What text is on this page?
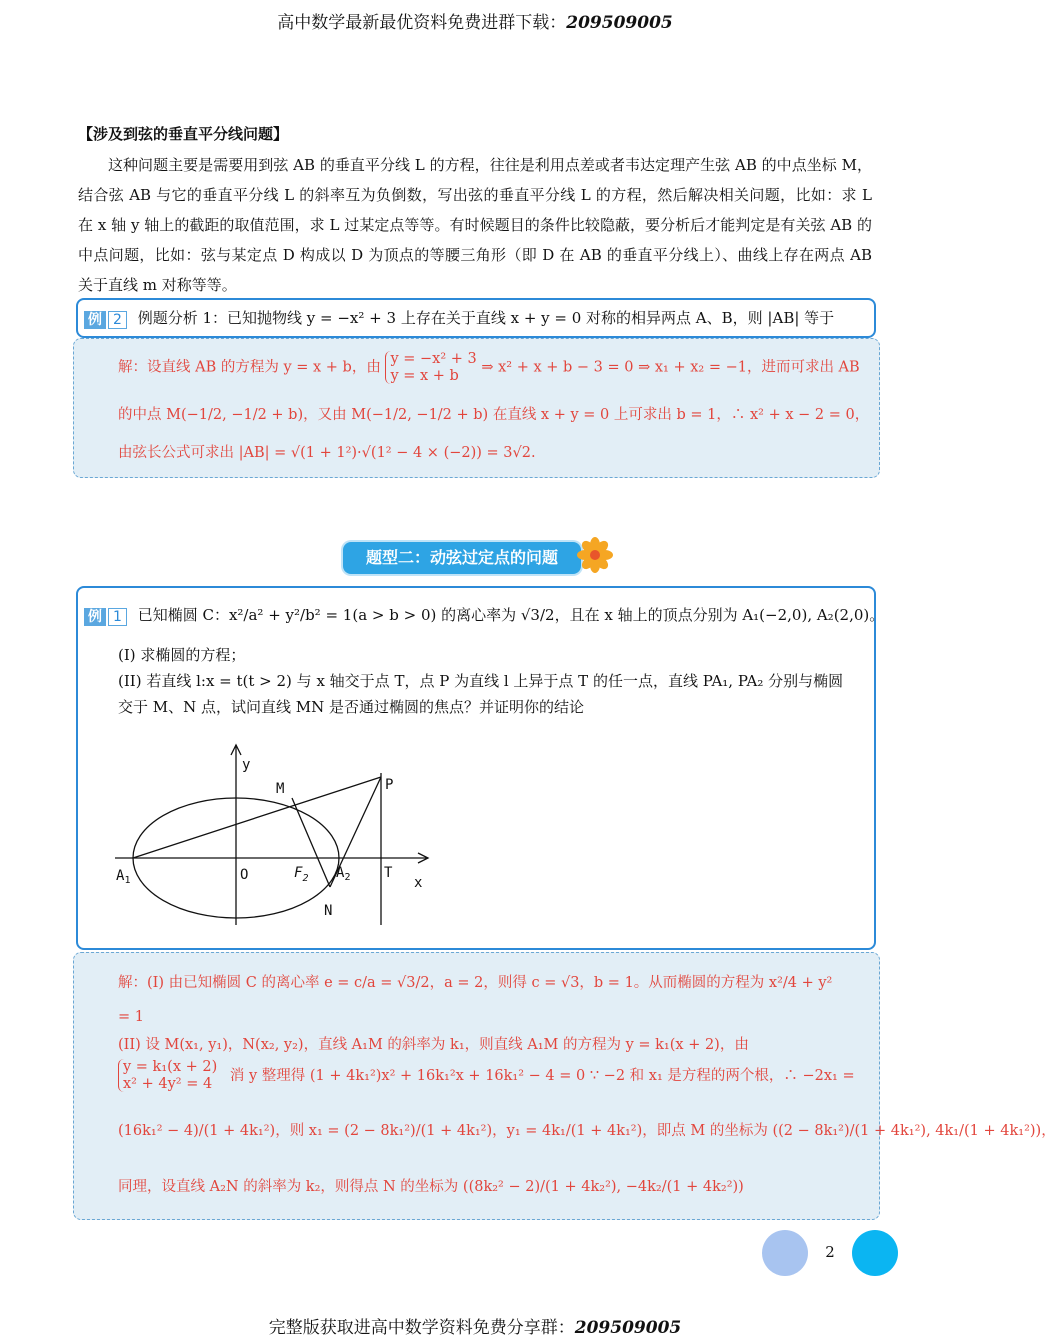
高中数学最新最优资料免费进群下载：209509005
【涉及到弦的垂直平分线问题】
这种问题主要是需要用到弦 AB 的垂直平分线 L 的方程，往往是利用点差或者韦达定理产生弦 AB 的中点坐标 M，结合弦 AB 与它的垂直平分线 L 的斜率互为负倒数，写出弦的垂直平分线 L 的方程，然后解决相关问题，比如：求 L 在 x 轴 y 轴上的截距的取值范围，求 L 过某定点等等。有时候题目的条件比较隐蔽，要分析后才能判定是有关弦 AB 的中点问题，比如：弦与某定点 D 构成以 D 为顶点的等腰三角形（即 D 在 AB 的垂直平分线上）、曲线上存在两点 AB 关于直线 m 对称等等。
例 2 例题分析 1：已知抛物线 y = −x² + 3 上存在关于直线 x + y = 0 对称的相异两点 A、B，则 |AB| 等于
解：设直线 AB 的方程为 y = x + b，由 y = −x² + 3
y = x + b ⇒ x² + x + b − 3 = 0 ⇒ x₁ + x₂ = −1，进而可求出 AB
的中点 M(−1/2, −1/2 + b)，又由 M(−1/2, −1/2 + b) 在直线 x + y = 0 上可求出 b = 1，∴ x² + x − 2 = 0，
由弦长公式可求出 |AB| = √(1 + 1²)·√(1² − 4 × (−2)) = 3√2.
题型二：动弦过定点的问题
例 1 已知椭圆 C：x²/a² + y²/b² = 1(a > b > 0) 的离心率为 √3/2，且在 x 轴上的顶点分别为 A₁(−2,0), A₂(2,0)。
(I) 求椭圆的方程；
(II) 若直线 l:x = t(t > 2) 与 x 轴交于点 T，点 P 为直线 l 上异于点 T 的任一点，直线 PA₁, PA₂ 分别与椭圆
交于 M、N 点，试问直线 MN 是否通过椭圆的焦点？并证明你的结论
y
x
M	P
$A_1$	O	$F_2$ $A_2$ T
N
解：(I) 由已知椭圆 C 的离心率 e = c/a = √3/2，a = 2，则得 c = √3，b = 1。从而椭圆的方程为 x²/4 + y²
= 1
(II) 设 M(x₁, y₁)，N(x₂, y₂)，直线 A₁M 的斜率为 k₁，则直线 A₁M 的方程为 y = k₁(x + 2)，由
y = k₁(x + 2)
x² + 4y² = 4 消 y 整理得 (1 + 4k₁²)x² + 16k₁²x + 16k₁² − 4 = 0 ∵ −2 和 x₁ 是方程的两个根，∴ −2x₁ =
(16k₁² − 4)/(1 + 4k₁²)，则 x₁ = (2 − 8k₁²)/(1 + 4k₁²)，y₁ = 4k₁/(1 + 4k₁²)，即点 M 的坐标为 ((2 − 8k₁²)/(1 + 4k₁²), 4k₁/(1 + 4k₁²))，
同理，设直线 A₂N 的斜率为 k₂，则得点 N 的坐标为 ((8k₂² − 2)/(1 + 4k₂²), −4k₂/(1 + 4k₂²))
2
完整版获取进高中数学资料免费分享群：209509005
